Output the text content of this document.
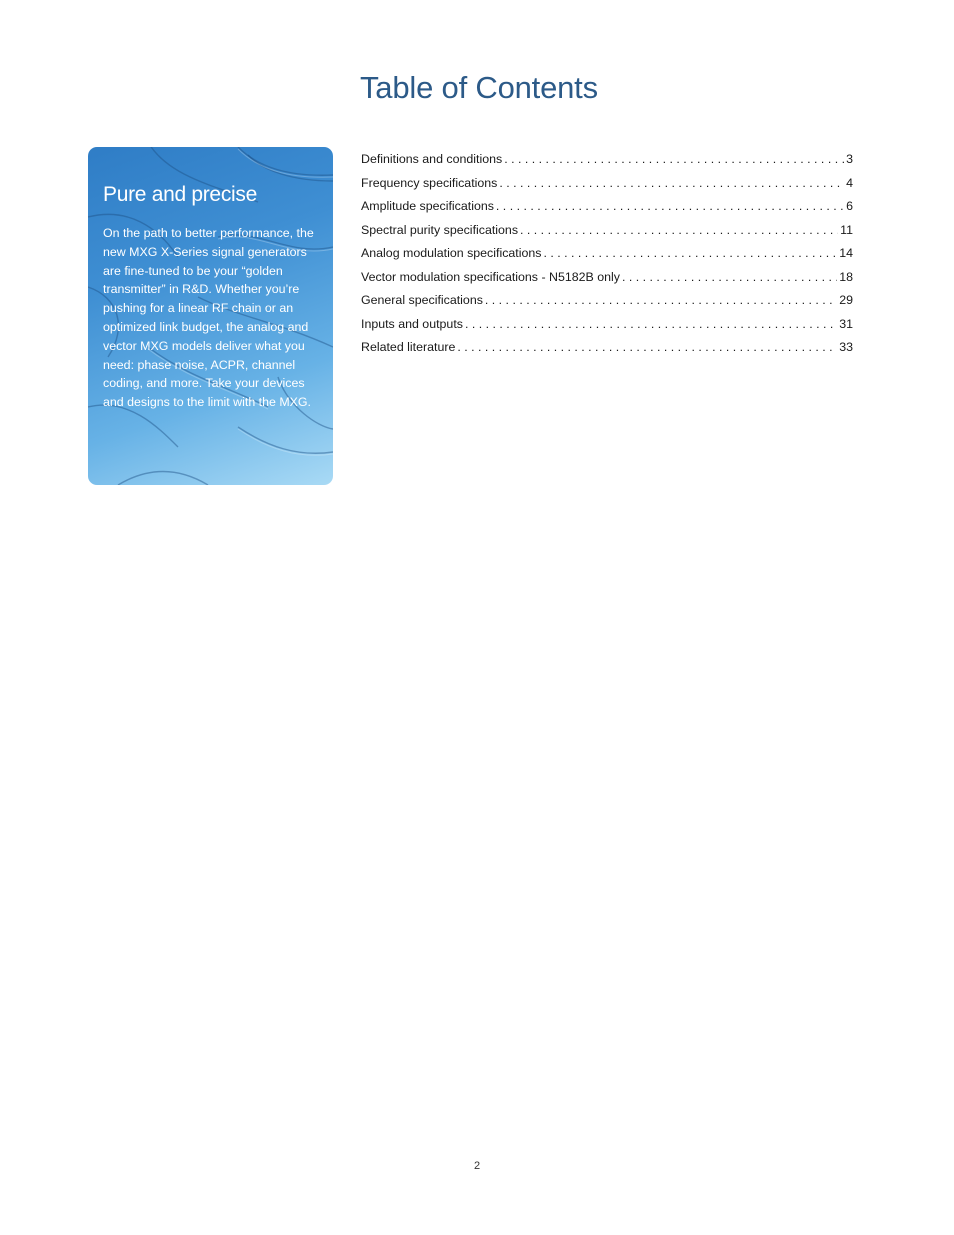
Table of Contents
Pure and precise

On the path to better performance, the new MXG X-Series signal generators are fine-tuned to be your “golden transmitter” in R&D. Whether you’re pushing for a linear RF chain or an optimized link budget, the analog and vector MXG models deliver what you need: phase noise, ACPR, channel coding, and more. Take your devices and designs to the limit with the MXG.

Definitions and conditions . . .	3
Frequency specifications . . .	4
Amplitude specifications . . .	6
Spectral purity specifications . . .	11
Analog modulation specifications . . .	14
Vector modulation specifications - N5182B only . . .	18
General specifications . . .	29
Inputs and outputs . . .	31
Related literature . . .	33
2
